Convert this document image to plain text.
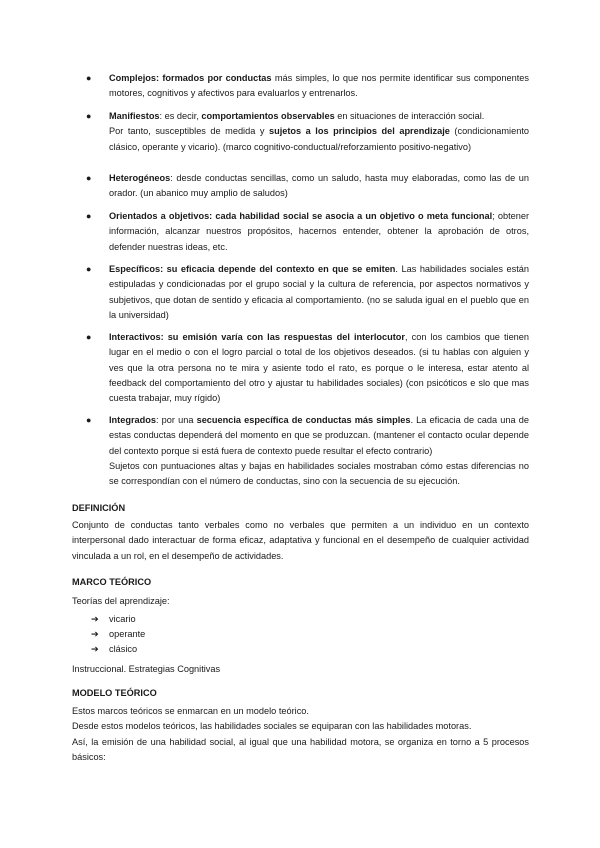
●	Complejos: formados por conductas más simples, lo que nos permite identificar sus componentes motores, cognitivos y afectivos para evaluarlos y entrenarlos.

●	Manifiestos: es decir, comportamientos observables en situaciones de interacción social.

Por tanto, susceptibles de medida y sujetos a los principios del aprendizaje (condicionamiento clásico, operante y vicario). (marco cognitivo-conductual/reforzamiento positivo-negativo)

●	Heterogéneos: desde conductas sencillas, como un saludo, hasta muy elaboradas, como las de un orador. (un abanico muy amplio de saludos)

●	Orientados a objetivos: cada habilidad social se asocia a un objetivo o meta funcional; obtener información, alcanzar nuestros propósitos, hacernos entender, obtener la aprobación de otros, defender nuestras ideas, etc.

●	Específicos: su eficacia depende del contexto en que se emiten. Las habilidades sociales están estipuladas y condicionadas por el grupo social y la cultura de referencia, por aspectos normativos y subjetivos, que dotan de sentido y eficacia al comportamiento. (no se saluda igual en el pueblo que en la universidad)

●	Interactivos: su emisión varía con las respuestas del interlocutor, con los cambios que tienen lugar en el medio o con el logro parcial o total de los objetivos deseados. (si tu hablas con alguien y ves que la otra persona no te mira y asiente todo el rato, es porque o le interesa, estar atento al feedback del comportamiento del otro y ajustar tu habilidades sociales) (con psicóticos e slo que mas cuesta trabajar, muy rígido)

●	Integrados: por una secuencia específica de conductas más simples. La eficacia de cada una de estas conductas dependerá del momento en que se produzcan. (mantener el contacto ocular depende del contexto porque si está fuera de contexto puede resultar el efecto contrario)

Sujetos con puntuaciones altas y bajas en habilidades sociales mostraban cómo estas diferencias no se correspondían con el número de conductas, sino con la secuencia de su ejecución.

DEFINICIÓN

Conjunto de conductas tanto verbales como no verbales que permiten a un individuo en un contexto interpersonal dado interactuar de forma eficaz, adaptativa y funcional en el desempeño de cualquier actividad vinculada a un rol, en el desempeño de actividades.

MARCO TEÓRICO
Teorías del aprendizaje:
➔ vicario
➔ operante
➔ clásico
Instruccional. Estrategias Cognitivas
MODELO TEÓRICO

Estos marcos teóricos se enmarcan en un modelo teórico.

Desde estos modelos teóricos, las habilidades sociales se equiparan con las habilidades motoras.

Así, la emisión de una habilidad social, al igual que una habilidad motora, se organiza en torno a 5 procesos básicos:
